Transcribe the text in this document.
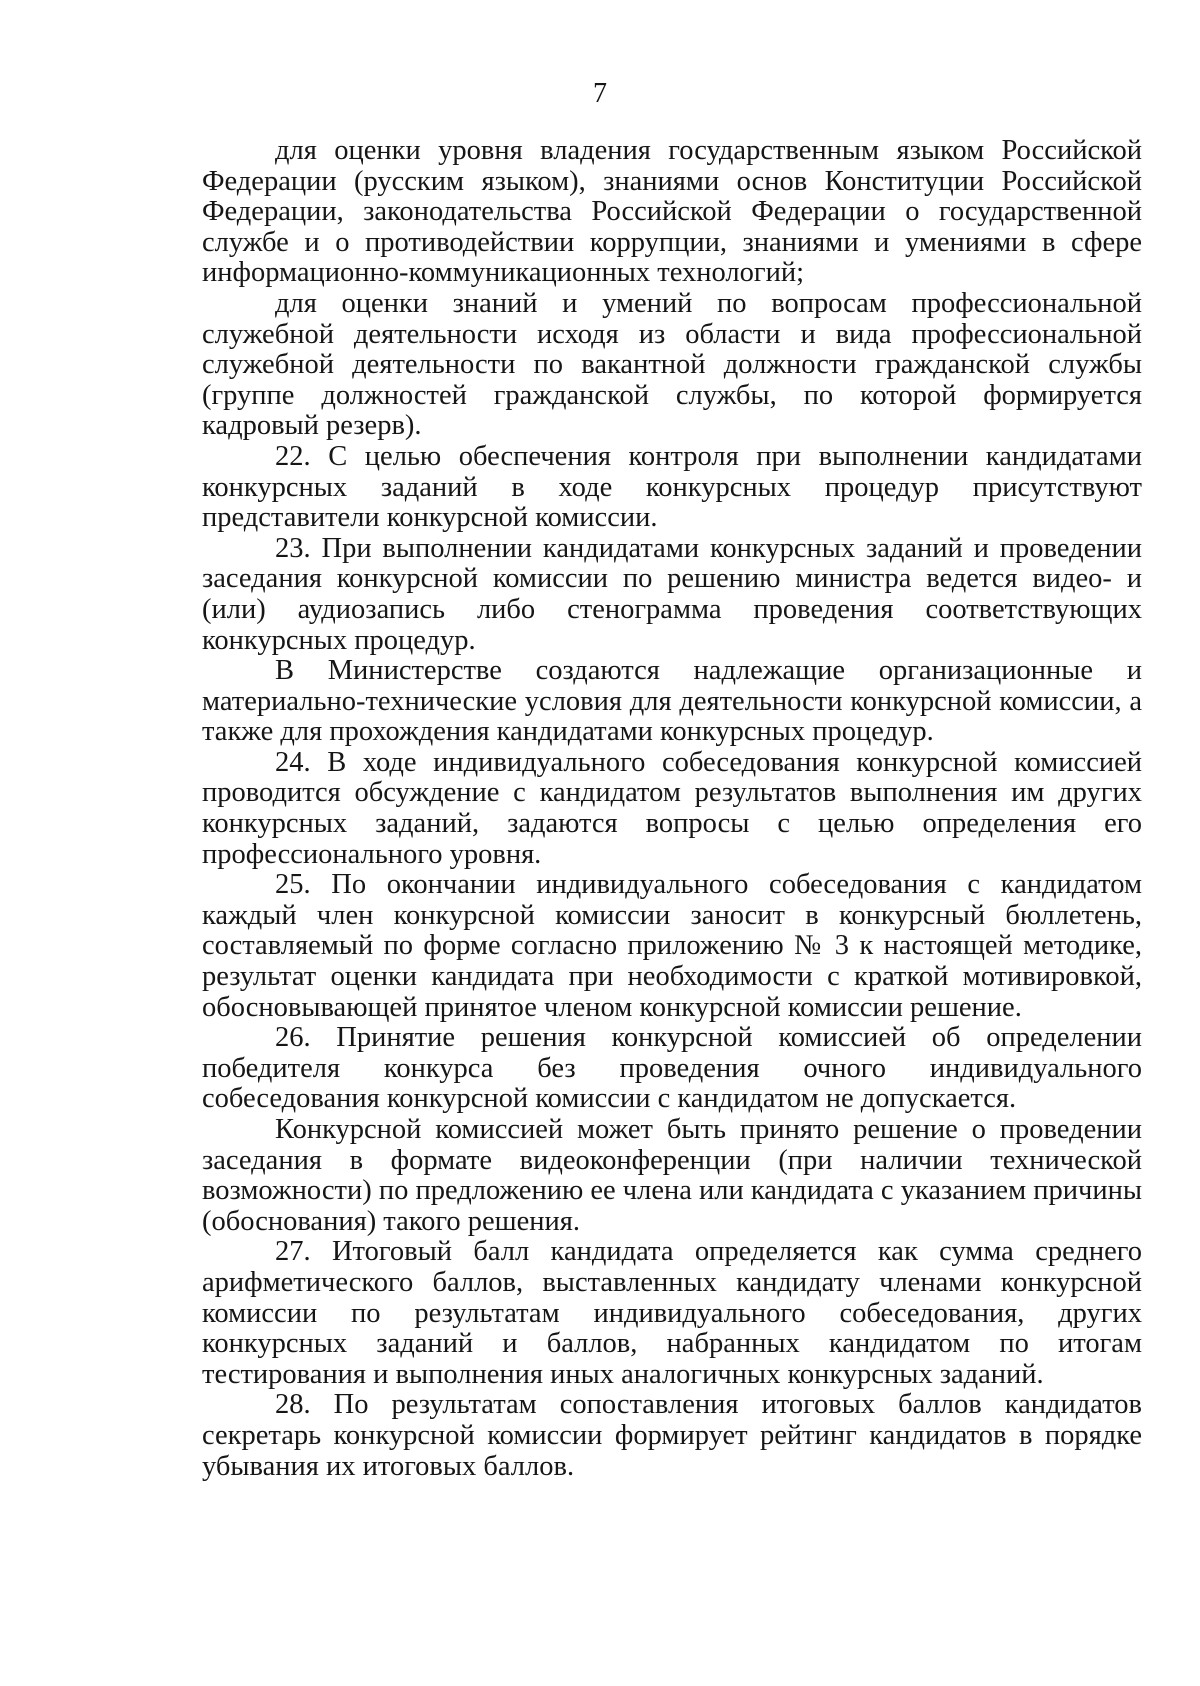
7

для оценки уровня владения государственным языком Российской Федерации (русским языком), знаниями основ Конституции Российской Федерации, законодательства Российской Федерации о государственной службе и о противодействии коррупции, знаниями и умениями в сфере информационно-коммуникационных технологий;

для оценки знаний и умений по вопросам профессиональной служебной деятельности исходя из области и вида профессиональной служебной деятельности по вакантной должности гражданской службы (группе должностей гражданской службы, по которой формируется кадровый резерв).

22. С целью обеспечения контроля при выполнении кандидатами конкурсных заданий в ходе конкурсных процедур присутствуют представители конкурсной комиссии.

23. При выполнении кандидатами конкурсных заданий и проведении заседания конкурсной комиссии по решению министра ведется видео- и (или) аудиозапись либо стенограмма проведения соответствующих конкурсных процедур.

В Министерстве создаются надлежащие организационные и материально-технические условия для деятельности конкурсной комиссии, а также для прохождения кандидатами конкурсных процедур.

24. В ходе индивидуального собеседования конкурсной комиссией проводится обсуждение с кандидатом результатов выполнения им других конкурсных заданий, задаются вопросы с целью определения его профессионального уровня.

25. По окончании индивидуального собеседования с кандидатом каждый член конкурсной комиссии заносит в конкурсный бюллетень, составляемый по форме согласно приложению № 3 к настоящей методике, результат оценки кандидата при необходимости с краткой мотивировкой, обосновывающей принятое членом конкурсной комиссии решение.

26. Принятие решения конкурсной комиссией об определении победителя конкурса без проведения очного индивидуального собеседования конкурсной комиссии с кандидатом не допускается.

Конкурсной комиссией может быть принято решение о проведении заседания в формате видеоконференции (при наличии технической возможности) по предложению ее члена или кандидата с указанием причины (обоснования) такого решения.

27. Итоговый балл кандидата определяется как сумма среднего арифметического баллов, выставленных кандидату членами конкурсной комиссии по результатам индивидуального собеседования, других конкурсных заданий и баллов, набранных кандидатом по итогам тестирования и выполнения иных аналогичных конкурсных заданий.

28. По результатам сопоставления итоговых баллов кандидатов секретарь конкурсной комиссии формирует рейтинг кандидатов в порядке убывания их итоговых баллов.
